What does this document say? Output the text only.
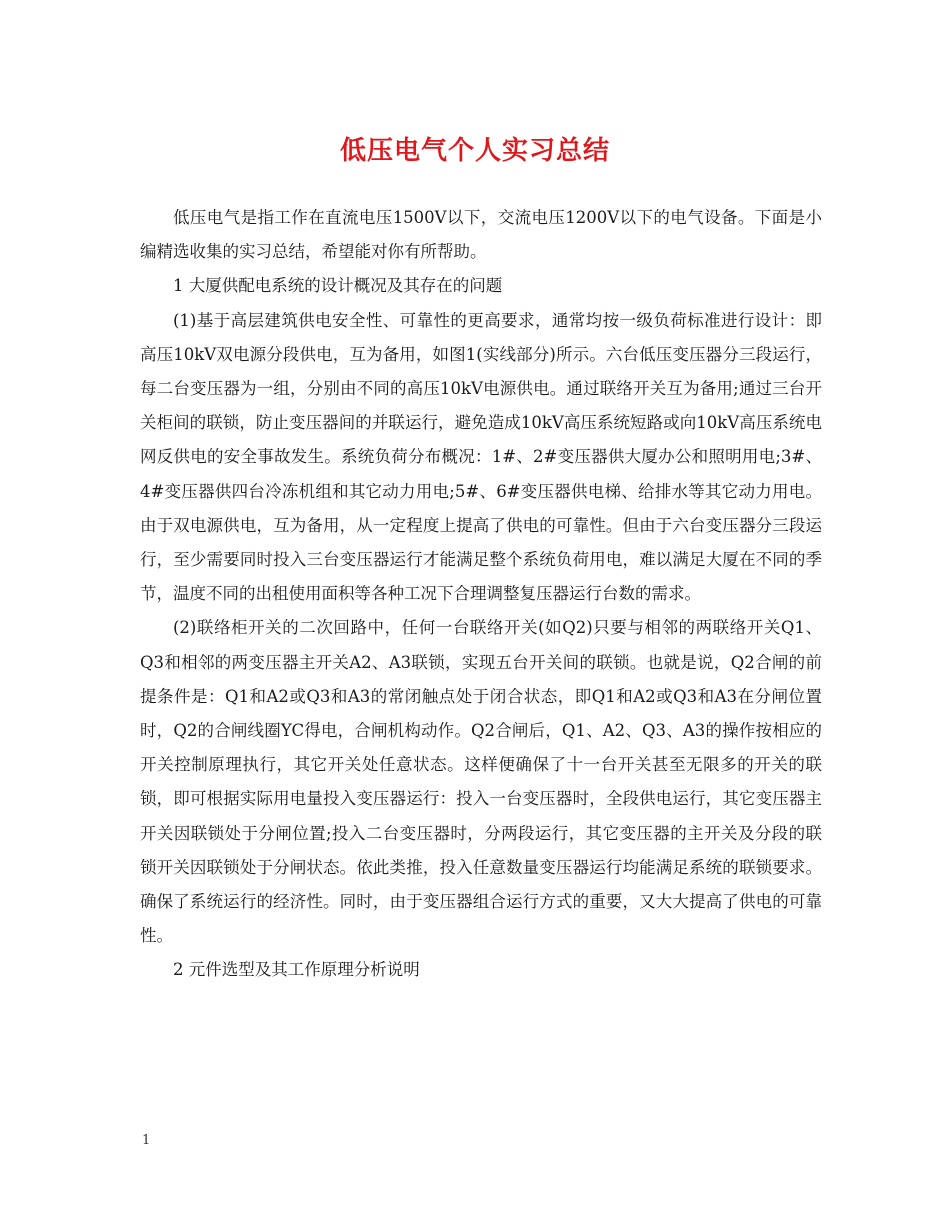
低压电气个人实习总结

低压电气是指工作在直流电压1500V以下，交流电压1200V以下的电气设备。下面是小编精选收集的实习总结，希望能对你有所帮助。

1 大厦供配电系统的设计概况及其存在的问题

(1)基于高层建筑供电安全性、可靠性的更高要求，通常均按一级负荷标准进行设计：即高压10kV双电源分段供电，互为备用，如图1(实线部分)所示。六台低压变压器分三段运行，每二台变压器为一组，分别由不同的高压10kV电源供电。通过联络开关互为备用;通过三台开关柜间的联锁，防止变压器间的并联运行，避免造成10kV高压系统短路或向10kV高压系统电网反供电的安全事故发生。系统负荷分布概况：1#、2#变压器供大厦办公和照明用电;3#、4#变压器供四台冷冻机组和其它动力用电;5#、6#变压器供电梯、给排水等其它动力用电。由于双电源供电，互为备用，从一定程度上提高了供电的可靠性。但由于六台变压器分三段运行，至少需要同时投入三台变压器运行才能满足整个系统负荷用电，难以满足大厦在不同的季节，温度不同的出租使用面积等各种工况下合理调整复压器运行台数的需求。

(2)联络柜开关的二次回路中，任何一台联络开关(如Q2)只要与相邻的两联络开关Q1、Q3和相邻的两变压器主开关A2、A3联锁，实现五台开关间的联锁。也就是说，Q2合闸的前提条件是：Q1和A2或Q3和A3的常闭触点处于闭合状态，即Q1和A2或Q3和A3在分闸位置时，Q2的合闸线圈YC得电，合闸机构动作。Q2合闸后，Q1、A2、Q3、A3的操作按相应的开关控制原理执行，其它开关处任意状态。这样便确保了十一台开关甚至无限多的开关的联锁，即可根据实际用电量投入变压器运行：投入一台变压器时，全段供电运行，其它变压器主开关因联锁处于分闸位置;投入二台变压器时，分两段运行，其它变压器的主开关及分段的联锁开关因联锁处于分闸状态。依此类推，投入任意数量变压器运行均能满足系统的联锁要求。确保了系统运行的经济性。同时，由于变压器组合运行方式的重要，又大大提高了供电的可靠性。

2 元件选型及其工作原理分析说明

1
